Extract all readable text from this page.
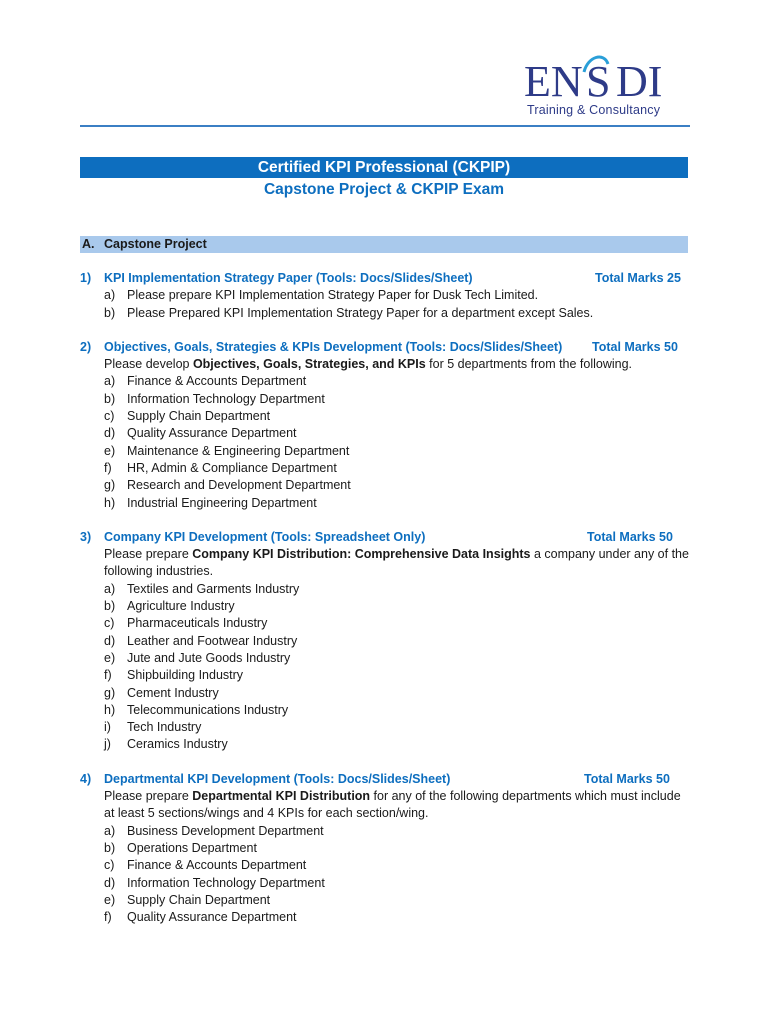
EN S DI
Training & Consultancy
Certified KPI Professional (CKPIP)
Capstone Project & CKPIP Exam
A. Capstone Project
1) KPI Implementation Strategy Paper (Tools: Docs/Slides/Sheet)	Total Marks 25
a) Please prepare KPI Implementation Strategy Paper for Dusk Tech Limited.
b) Please Prepared KPI Implementation Strategy Paper for a department except Sales.
2) Objectives, Goals, Strategies & KPIs Development (Tools: Docs/Slides/Sheet) Total Marks 50
Please develop Objectives, Goals, Strategies, and KPIs for 5 departments from the following.
a) Finance & Accounts Department
b) Information Technology Department
c) Supply Chain Department
d) Quality Assurance Department
e) Maintenance & Engineering Department
f) HR, Admin & Compliance Department
g) Research and Development Department
h) Industrial Engineering Department
3) Company KPI Development (Tools: Spreadsheet Only)	Total Marks 50
Please prepare Company KPI Distribution: Comprehensive Data Insights a company under any of the following industries.
a) Textiles and Garments Industry
b) Agriculture Industry
c) Pharmaceuticals Industry
d) Leather and Footwear Industry
e) Jute and Jute Goods Industry
f) Shipbuilding Industry
g) Cement Industry
h) Telecommunications Industry
i) Tech Industry
j) Ceramics Industry
4) Departmental KPI Development (Tools: Docs/Slides/Sheet)	Total Marks 50
Please prepare Departmental KPI Distribution for any of the following departments which must include at least 5 sections/wings and 4 KPIs for each section/wing.
a) Business Development Department
b) Operations Department
c) Finance & Accounts Department
d) Information Technology Department
e) Supply Chain Department
f) Quality Assurance Department
